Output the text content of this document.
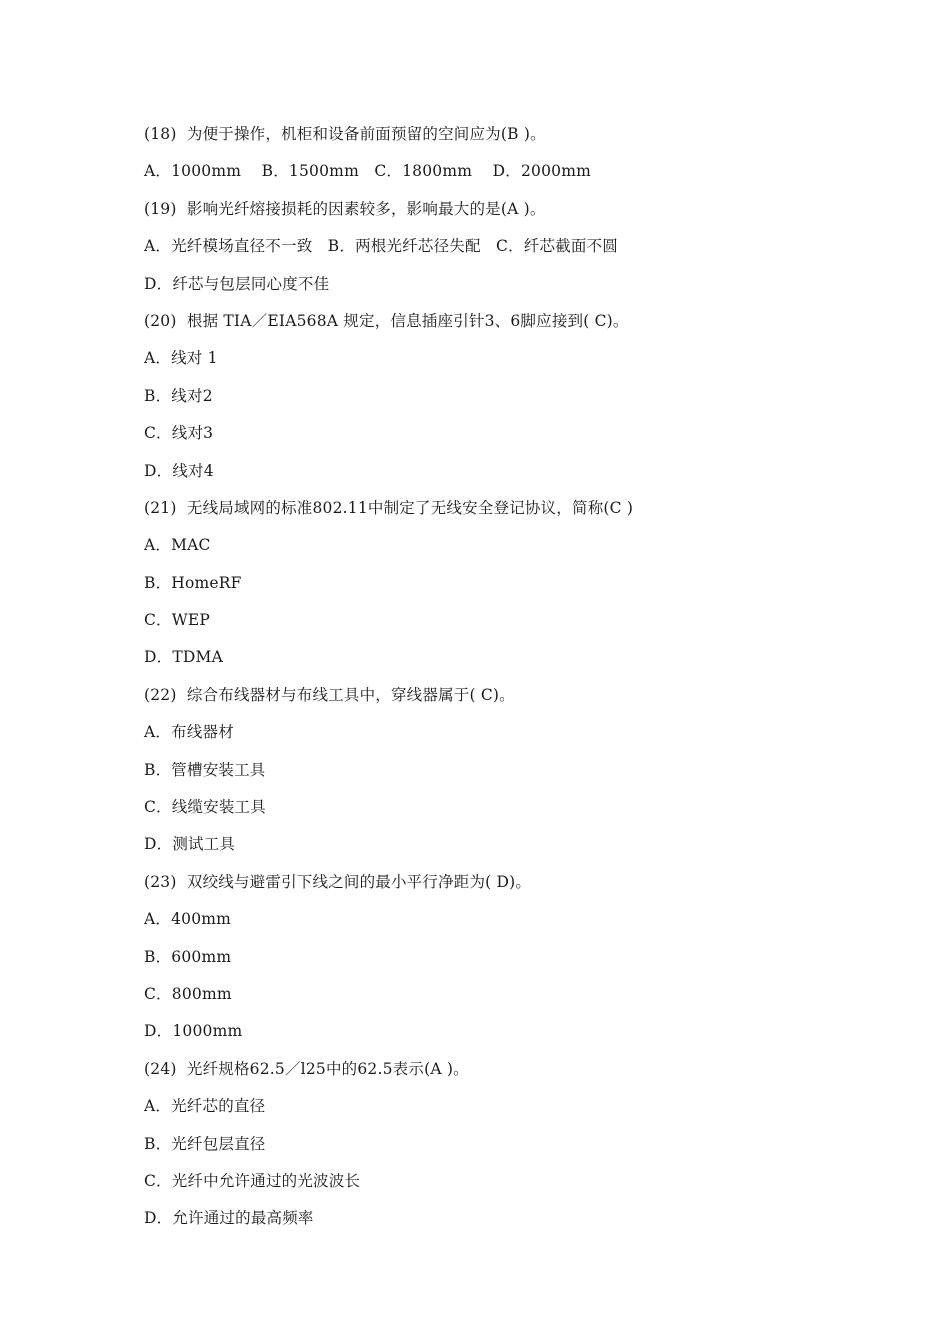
(18)  为便于操作，机柜和设备前面预留的空间应为(B )。
A．1000mm    B．1500mm   C．1800mm    D．2000mm
(19)  影响光纤熔接损耗的因素较多，影响最大的是(A )。
A．光纤模场直径不一致   B．两根光纤芯径失配   C．纤芯截面不圆
D．纤芯与包层同心度不佳
(20)  根据 TIA／EIA568A 规定，信息插座引针3、6脚应接到( C)。
A．线对 1
B．线对2
C．线对3
D．线对4
(21)  无线局域网的标准802.11中制定了无线安全登记协议，简称(C )
A．MAC
B．HomeRF
C．WEP
D．TDMA
(22)  综合布线器材与布线工具中，穿线器属于( C)。
A．布线器材
B．管槽安装工具
C．线缆安装工具
D．测试工具
(23)  双绞线与避雷引下线之间的最小平行净距为( D)。
A．400mm
B．600mm
C．800mm
D．1000mm
(24)  光纤规格62.5／l25中的62.5表示(A )。
A．光纤芯的直径
B．光纤包层直径
C．光纤中允许通过的光波波长
D．允许通过的最高频率
